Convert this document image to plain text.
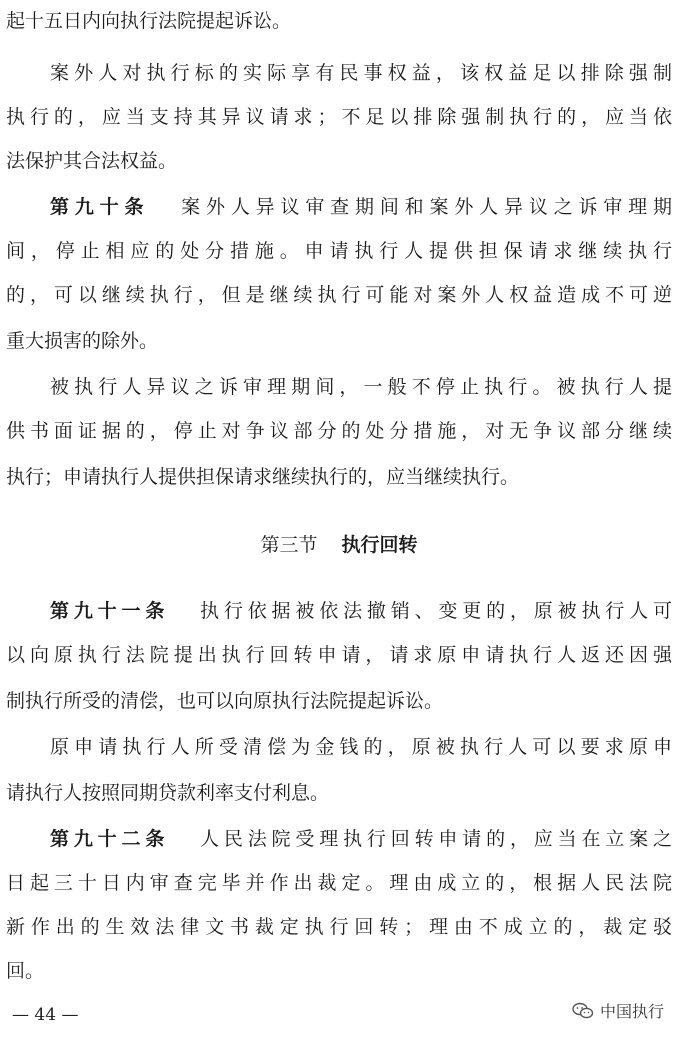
起十五日内向执行法院提起诉讼。
案外人对执行标的实际享有民事权益，该权益足以排除强制
执行的，应当支持其异议请求；不足以排除强制执行的，应当依
法保护其合法权益。
第九十条 案外人异议审查期间和案外人异议之诉审理期
间，停止相应的处分措施。申请执行人提供担保请求继续执行
的，可以继续执行，但是继续执行可能对案外人权益造成不可逆
重大损害的除外。
被执行人异议之诉审理期间，一般不停止执行。被执行人提
供书面证据的，停止对争议部分的处分措施，对无争议部分继续
执行；申请执行人提供担保请求继续执行的，应当继续执行。
第三节 执行回转
第九十一条 执行依据被依法撤销、变更的，原被执行人可
以向原执行法院提出执行回转申请，请求原申请执行人返还因强
制执行所受的清偿，也可以向原执行法院提起诉讼。
原申请执行人所受清偿为金钱的，原被执行人可以要求原申
请执行人按照同期贷款利率支付利息。
第九十二条 人民法院受理执行回转申请的，应当在立案之
日起三十日内审查完毕并作出裁定。理由成立的，根据人民法院
新作出的生效法律文书裁定执行回转；理由不成立的，裁定驳
回。
— 44 —	中国执行
